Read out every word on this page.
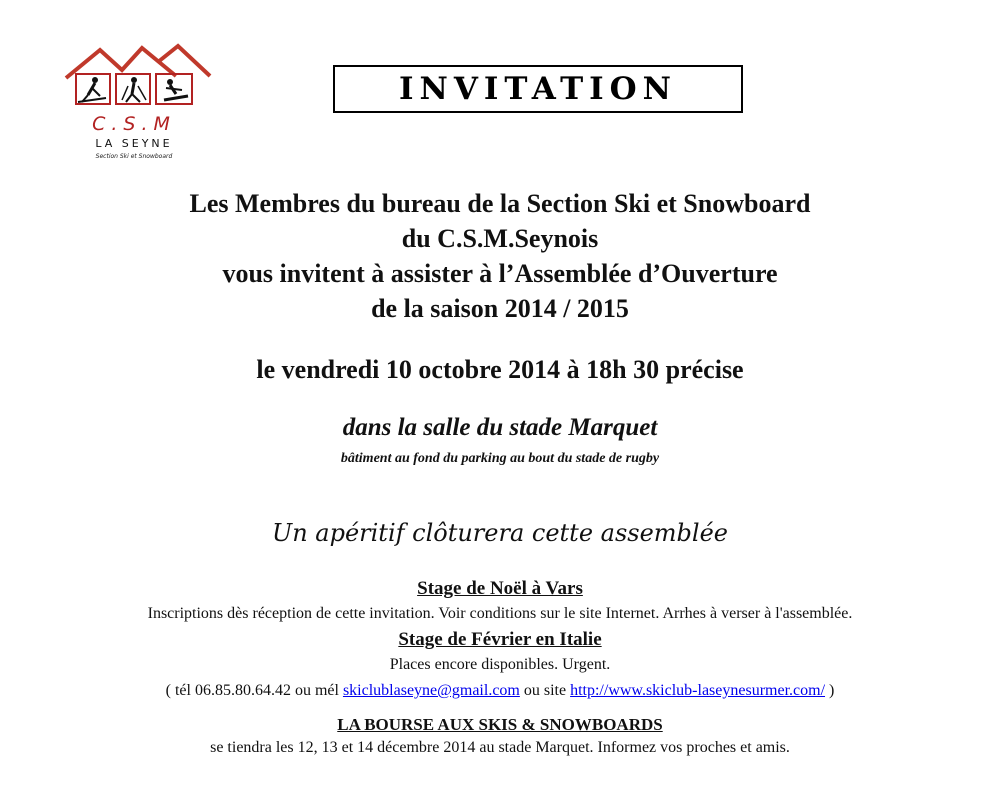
C.S.M
LA SEYNE
Section Ski et Snowboard
INVITATION
Les Membres du bureau de la Section Ski et Snowboard
du C.S.M.Seynois
vous invitent à assister à l’Assemblée d’Ouverture
de la saison 2014 / 2015
le vendredi 10 octobre 2014 à 18h 30 précise
dans la salle du stade Marquet
bâtiment au fond du parking au bout du stade de rugby
Un apéritif clôturera cette assemblée
Stage de Noël à Vars
Inscriptions dès réception de cette invitation. Voir conditions sur le site Internet. Arrhes à verser à l'assemblée.
Stage de Février en Italie
Places encore disponibles. Urgent.
( tél 06.85.80.64.42 ou mél skiclublaseyne@gmail.com ou site http://www.skiclub-laseynesurmer.com/ )
LA BOURSE AUX SKIS & SNOWBOARDS
se tiendra les 12, 13 et 14 décembre 2014 au stade Marquet. Informez vos proches et amis.
